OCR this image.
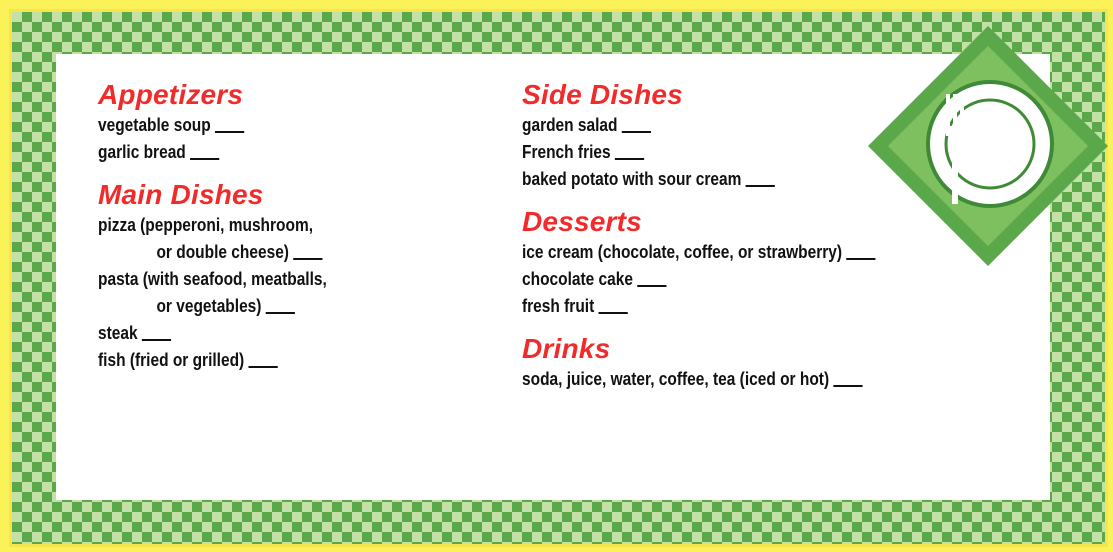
Appetizers

vegetable soup

garlic bread

Main Dishes

pizza (pepperoni, mushroom,

or double cheese)

pasta (with seafood, meatballs,

or vegetables)

steak

fish (fried or grilled)

Side Dishes

garden salad

French fries

baked potato with sour cream

Desserts

ice cream (chocolate, coffee, or strawberry)

chocolate cake

fresh fruit

Drinks

soda, juice, water, coffee, tea (iced or hot)
